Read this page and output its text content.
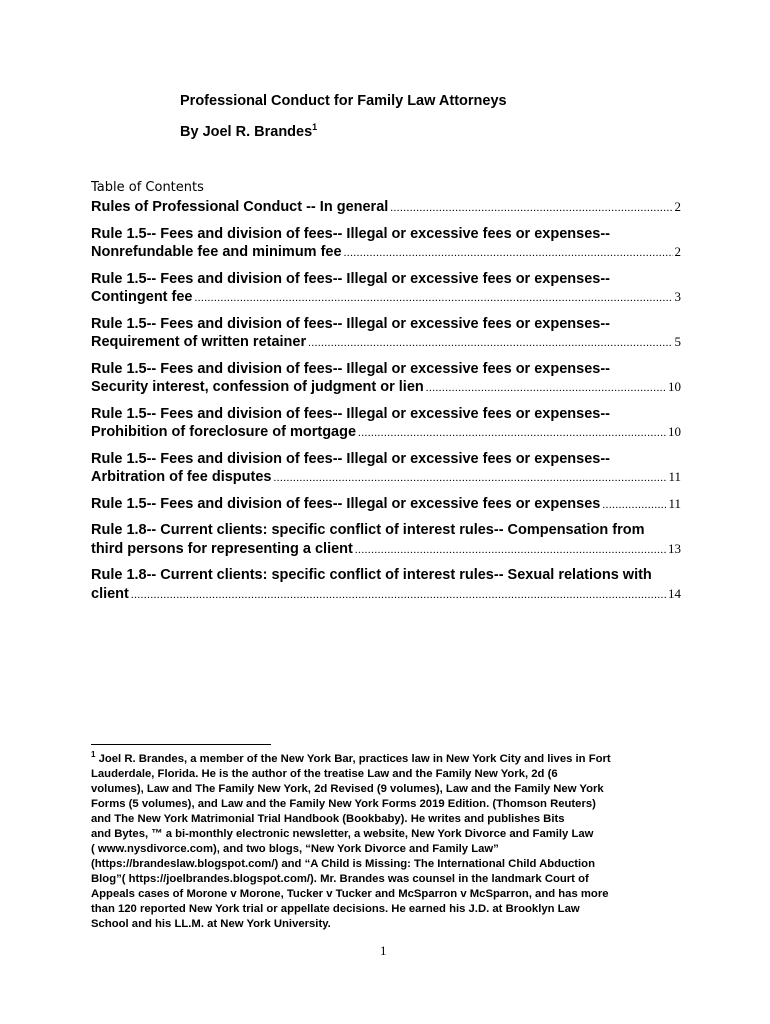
Professional Conduct for Family Law Attorneys
By Joel R. Brandes$^1$
Table of Contents
Rules of Professional Conduct -- In general .....	2
Rule 1.5-- Fees and division of fees-- Illegal or excessive fees or expenses--
Nonrefundable fee and minimum fee .....	2
Rule 1.5-- Fees and division of fees-- Illegal or excessive fees or expenses--
Contingent fee .....	3
Rule 1.5-- Fees and division of fees-- Illegal or excessive fees or expenses--
Requirement of written retainer .....	5
Rule 1.5-- Fees and division of fees-- Illegal or excessive fees or expenses--
Security interest, confession of judgment or lien .....	10
Rule 1.5-- Fees and division of fees-- Illegal or excessive fees or expenses--
Prohibition of foreclosure of mortgage .....	10
Rule 1.5-- Fees and division of fees-- Illegal or excessive fees or expenses--
Arbitration of fee disputes .....	11
Rule 1.5-- Fees and division of fees-- Illegal or excessive fees or expenses .....	11
Rule 1.8-- Current clients: specific conflict of interest rules-- Compensation from
third persons for representing a client .....	13
Rule 1.8-- Current clients: specific conflict of interest rules-- Sexual relations with
client .....	14
$^1$ Joel R. Brandes, a member of the New York Bar, practices law in New York City and lives in Fort
Lauderdale, Florida. He is the author of the treatise Law and the Family New York, 2d (6
volumes), Law and The Family New York, 2d Revised (9 volumes), Law and the Family New York
Forms (5 volumes), and Law and the Family New York Forms 2019 Edition. (Thomson Reuters)
and The New York Matrimonial Trial Handbook (Bookbaby). He writes and publishes Bits
and Bytes, ™ a bi-monthly electronic newsletter, a website, New York Divorce and Family Law
( www.nysdivorce.com), and two blogs, “New York Divorce and Family Law”
(https://brandeslaw.blogspot.com/) and “A Child is Missing: The International Child Abduction
Blog”( https://joelbrandes.blogspot.com/). Mr. Brandes was counsel in the landmark Court of
Appeals cases of Morone v Morone, Tucker v Tucker and McSparron v McSparron, and has more
than 120 reported New York trial or appellate decisions. He earned his J.D. at Brooklyn Law
School and his LL.M. at New York University.
1
